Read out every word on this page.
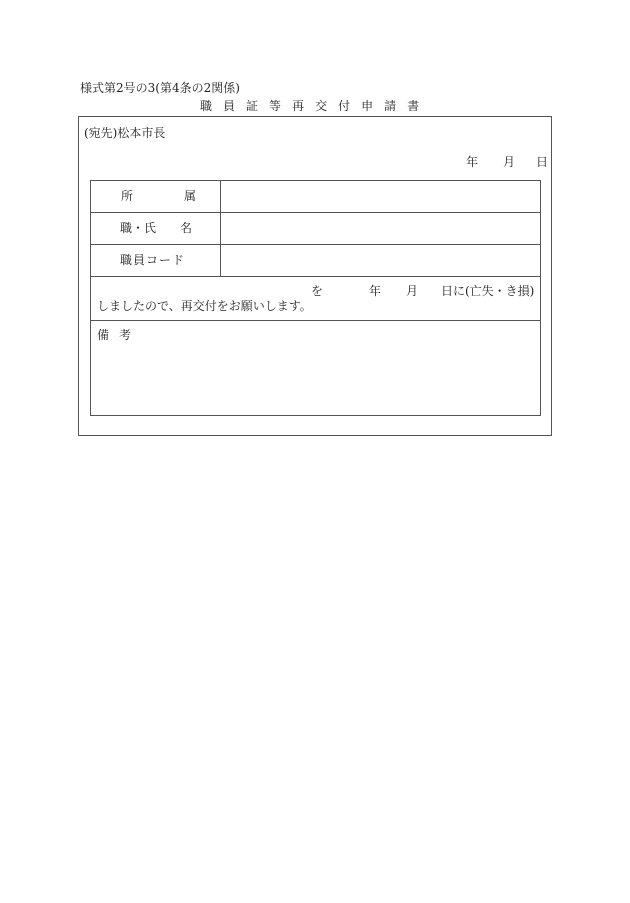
様式第2号の3(第4条の2関係)
職 員 証 等 再 交 付 申 請 書
(宛先)松本市長
年 月 日
所	属
職・氏 名
職員コード
を	年 月 日に(亡失・き損)
しましたので、再交付をお願いします。
備 考
